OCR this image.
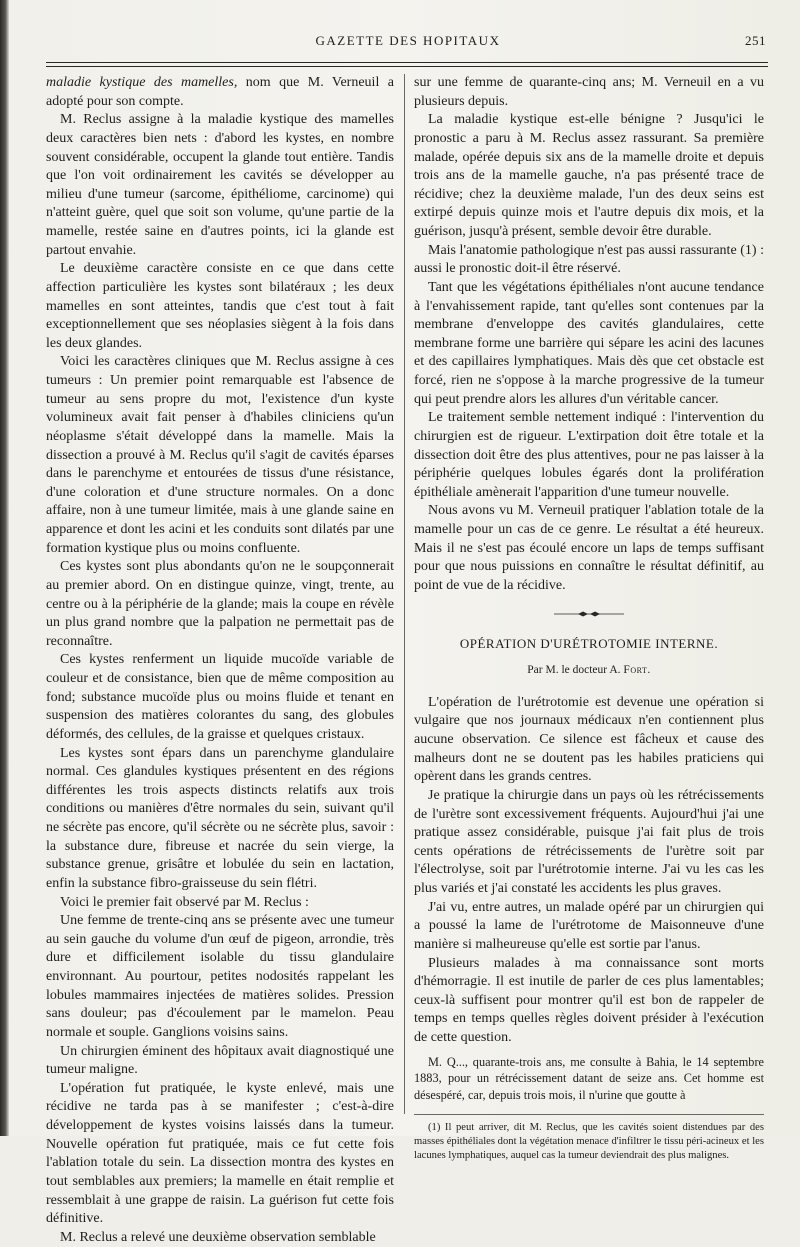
GAZETTE DES HOPITAUX	251

maladie kystique des mamelles, nom que M. Verneuil a adopté pour son compte.

M. Reclus assigne à la maladie kystique des mamelles deux caractères bien nets : d'abord les kystes, en nombre souvent considérable, occupent la glande tout entière. Tandis que l'on voit ordinairement les cavités se développer au milieu d'une tumeur (sarcome, épithéliome, carcinome) qui n'atteint guère, quel que soit son volume, qu'une partie de la mamelle, restée saine en d'autres points, ici la glande est partout envahie.

Le deuxième caractère consiste en ce que dans cette affection particulière les kystes sont bilatéraux ; les deux mamelles en sont atteintes, tandis que c'est tout à fait exceptionnellement que ses néoplasies siègent à la fois dans les deux glandes.

Voici les caractères cliniques que M. Reclus assigne à ces tumeurs : Un premier point remarquable est l'absence de tumeur au sens propre du mot, l'existence d'un kyste volumineux avait fait penser à d'habiles cliniciens qu'un néoplasme s'était développé dans la mamelle. Mais la dissection a prouvé à M. Reclus qu'il s'agit de cavités éparses dans le parenchyme et entourées de tissus d'une résistance, d'une coloration et d'une structure normales. On a donc affaire, non à une tumeur limitée, mais à une glande saine en apparence et dont les acini et les conduits sont dilatés par une formation kystique plus ou moins confluente.

Ces kystes sont plus abondants qu'on ne le soupçonnerait au premier abord. On en distingue quinze, vingt, trente, au centre ou à la périphérie de la glande; mais la coupe en révèle un plus grand nombre que la palpation ne permettait pas de reconnaître.

Ces kystes renferment un liquide mucoïde variable de couleur et de consistance, bien que de même composition au fond; substance mucoïde plus ou moins fluide et tenant en suspension des matières colorantes du sang, des globules déformés, des cellules, de la graisse et quelques cristaux.

Les kystes sont épars dans un parenchyme glandulaire normal. Ces glandules kystiques présentent en des régions différentes les trois aspects distincts relatifs aux trois conditions ou manières d'être normales du sein, suivant qu'il ne sécrète pas encore, qu'il sécrète ou ne sécrète plus, savoir : la substance dure, fibreuse et nacrée du sein vierge, la substance grenue, grisâtre et lobulée du sein en lactation, enfin la substance fibro-graisseuse du sein flétri.

Voici le premier fait observé par M. Reclus :

Une femme de trente-cinq ans se présente avec une tumeur au sein gauche du volume d'un œuf de pigeon, arrondie, très dure et difficilement isolable du tissu glandulaire environnant. Au pourtour, petites nodosités rappelant les lobules mammaires injectées de matières solides. Pression sans douleur; pas d'écoulement par le mamelon. Peau normale et souple. Ganglions voisins sains.

Un chirurgien éminent des hôpitaux avait diagnostiqué une tumeur maligne.

L'opération fut pratiquée, le kyste enlevé, mais une récidive ne tarda pas à se manifester ; c'est-à-dire développement de kystes voisins laissés dans la tumeur. Nouvelle opération fut pratiquée, mais ce fut cette fois l'ablation totale du sein. La dissection montra des kystes en tout semblables aux premiers; la mamelle en était remplie et ressemblait à une grappe de raisin. La guérison fut cette fois définitive.

M. Reclus a relevé une deuxième observation semblable

sur une femme de quarante-cinq ans; M. Verneuil en a vu plusieurs depuis.

La maladie kystique est-elle bénigne ? Jusqu'ici le pronostic a paru à M. Reclus assez rassurant. Sa première malade, opérée depuis six ans de la mamelle droite et depuis trois ans de la mamelle gauche, n'a pas présenté trace de récidive; chez la deuxième malade, l'un des deux seins est extirpé depuis quinze mois et l'autre depuis dix mois, et la guérison, jusqu'à présent, semble devoir être durable.

Mais l'anatomie pathologique n'est pas aussi rassurante (1) : aussi le pronostic doit-il être réservé.

Tant que les végétations épithéliales n'ont aucune tendance à l'envahissement rapide, tant qu'elles sont contenues par la membrane d'enveloppe des cavités glandulaires, cette membrane forme une barrière qui sépare les acini des lacunes et des capillaires lymphatiques. Mais dès que cet obstacle est forcé, rien ne s'oppose à la marche progressive de la tumeur qui peut prendre alors les allures d'un véritable cancer.

Le traitement semble nettement indiqué : l'intervention du chirurgien est de rigueur. L'extirpation doit être totale et la dissection doit être des plus attentives, pour ne pas laisser à la périphérie quelques lobules égarés dont la prolifération épithéliale amènerait l'apparition d'une tumeur nouvelle.

Nous avons vu M. Verneuil pratiquer l'ablation totale de la mamelle pour un cas de ce genre. Le résultat a été heureux. Mais il ne s'est pas écoulé encore un laps de temps suffisant pour que nous puissions en connaître le résultat définitif, au point de vue de la récidive.

OPÉRATION D'URÉTROTOMIE INTERNE.
Par M. le docteur A. Fort.

L'opération de l'urétrotomie est devenue une opération si vulgaire que nos journaux médicaux n'en contiennent plus aucune observation. Ce silence est fâcheux et cause des malheurs dont ne se doutent pas les habiles praticiens qui opèrent dans les grands centres.

Je pratique la chirurgie dans un pays où les rétrécissements de l'urètre sont excessivement fréquents. Aujourd'hui j'ai une pratique assez considérable, puisque j'ai fait plus de trois cents opérations de rétrécissements de l'urètre soit par l'électrolyse, soit par l'urétrotomie interne. J'ai vu les cas les plus variés et j'ai constaté les accidents les plus graves.

J'ai vu, entre autres, un malade opéré par un chirurgien qui a poussé la lame de l'urétrotome de Maisonneuve d'une manière si malheureuse qu'elle est sortie par l'anus.

Plusieurs malades à ma connaissance sont morts d'hémorragie. Il est inutile de parler de ces plus lamentables; ceux-là suffisent pour montrer qu'il est bon de rappeler de temps en temps quelles règles doivent présider à l'exécution de cette question.

M. Q..., quarante-trois ans, me consulte à Bahia, le 14 septembre 1883, pour un rétrécissement datant de seize ans. Cet homme est désespéré, car, depuis trois mois, il n'urine que goutte à

(1) Il peut arriver, dit M. Reclus, que les cavités soient distendues par des masses épithéliales dont la végétation menace d'infiltrer le tissu péri-acineux et les lacunes lymphatiques, auquel cas la tumeur deviendrait des plus malignes.
